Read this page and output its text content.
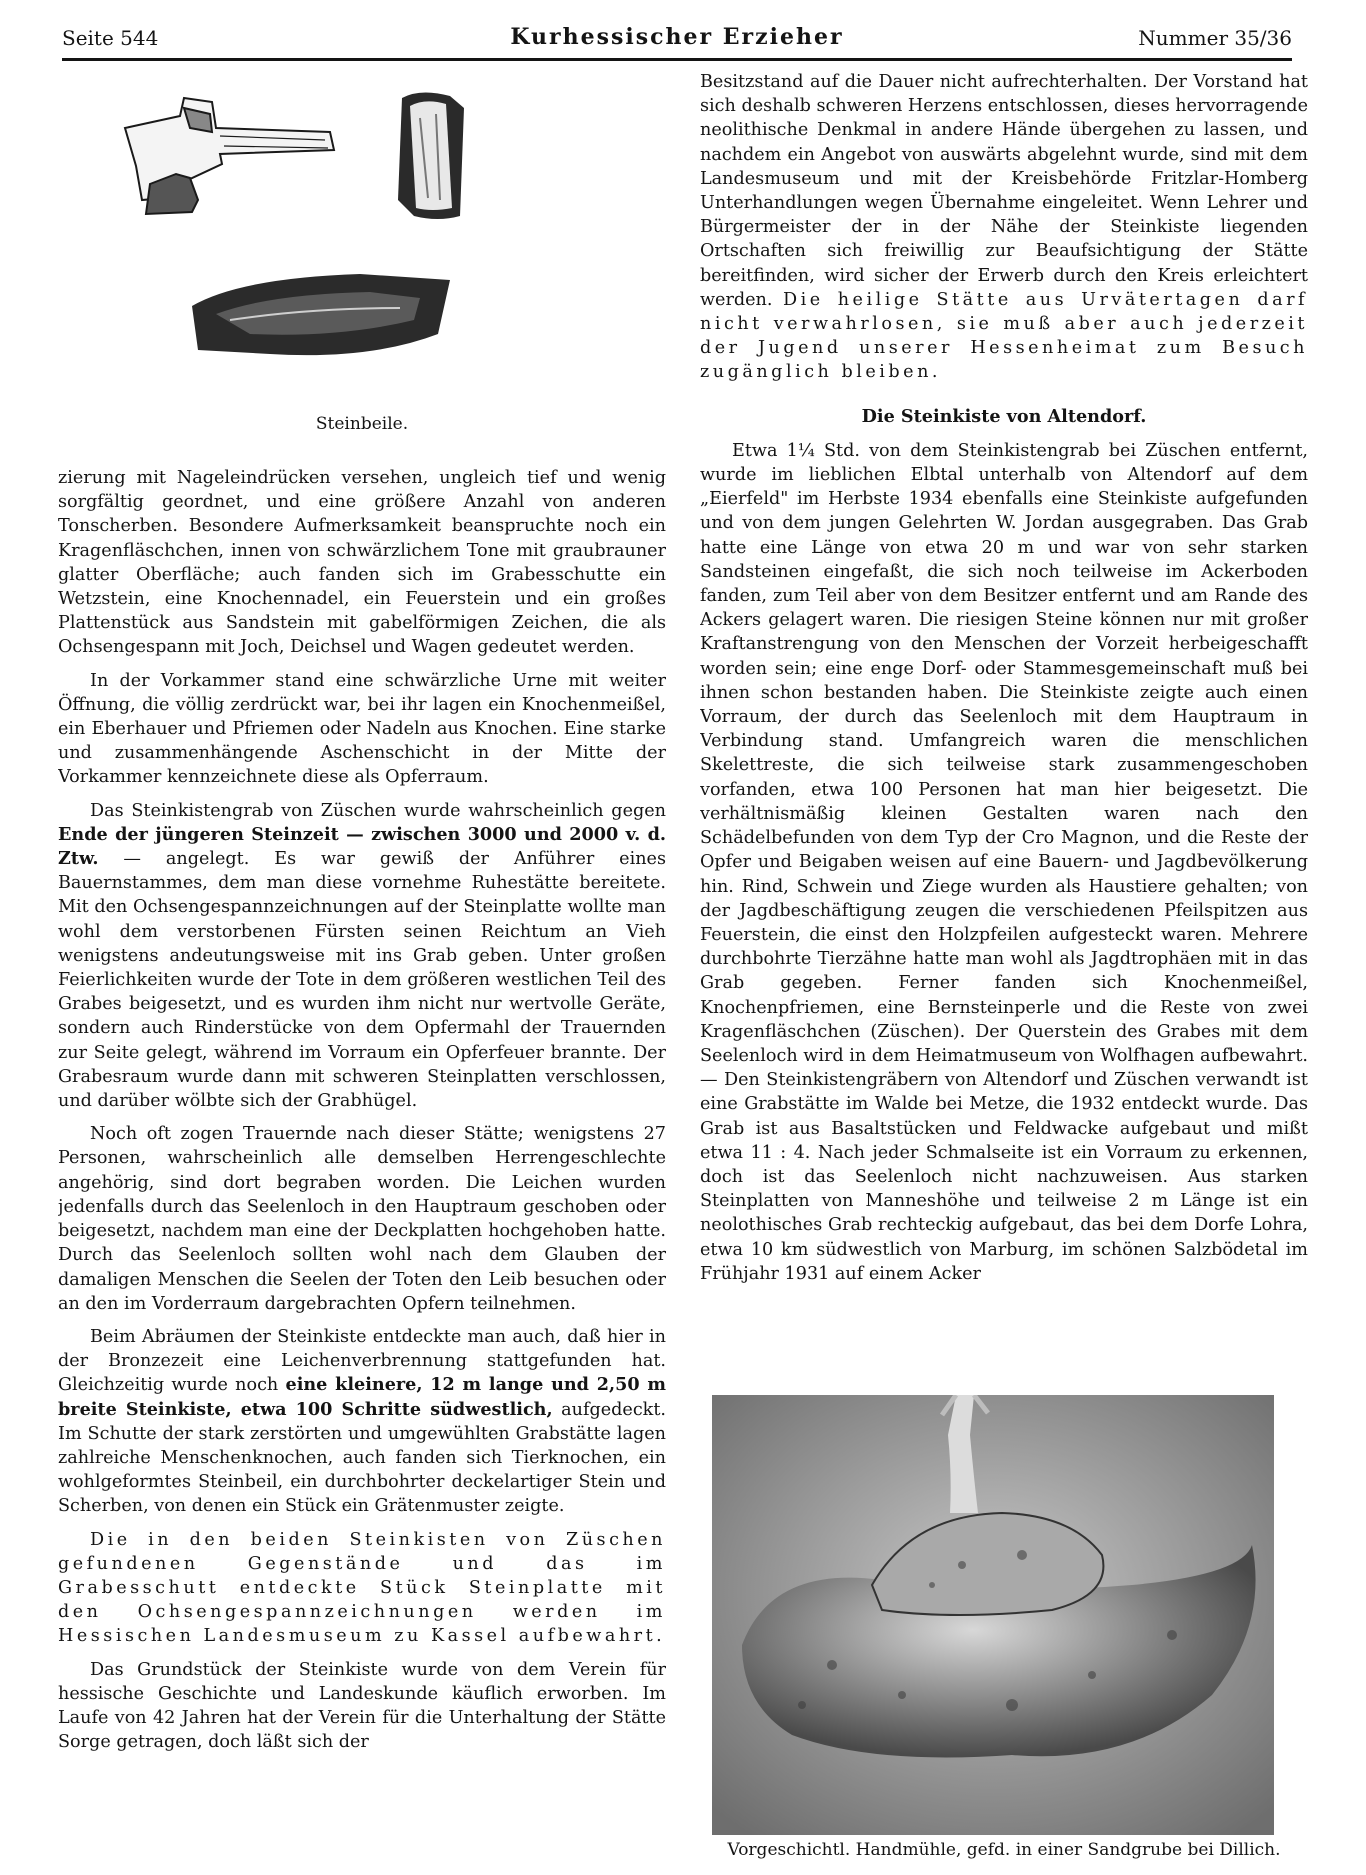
Seite 544	Kurhessischer Erzieher	Nummer 35/36
Steinbeile.

zierung mit Nageleindrücken versehen, ungleich tief und wenig sorgfältig geordnet, und eine größere Anzahl von anderen Tonscherben. Besondere Aufmerksamkeit beanspruchte noch ein Kragenfläschchen, innen von schwärzlichem Tone mit graubrauner glatter Oberfläche; auch fanden sich im Grabesschutte ein Wetzstein, eine Knochennadel, ein Feuerstein und ein großes Plattenstück aus Sandstein mit gabelförmigen Zeichen, die als Ochsengespann mit Joch, Deichsel und Wagen gedeutet werden.

In der Vorkammer stand eine schwärzliche Urne mit weiter Öffnung, die völlig zerdrückt war, bei ihr lagen ein Knochenmeißel, ein Eberhauer und Pfriemen oder Nadeln aus Knochen. Eine starke und zusammenhängende Aschenschicht in der Mitte der Vorkammer kennzeichnete diese als Opferraum.

Das Steinkistengrab von Züschen wurde wahrscheinlich gegen Ende der jüngeren Steinzeit — zwischen 3000 und 2000 v. d. Ztw. — angelegt. Es war gewiß der Anführer eines Bauernstammes, dem man diese vornehme Ruhestätte bereitete. Mit den Ochsengespannzeichnungen auf der Steinplatte wollte man wohl dem verstorbenen Fürsten seinen Reichtum an Vieh wenigstens andeutungsweise mit ins Grab geben. Unter großen Feierlichkeiten wurde der Tote in dem größeren westlichen Teil des Grabes beigesetzt, und es wurden ihm nicht nur wertvolle Geräte, sondern auch Rinderstücke von dem Opfermahl der Trauernden zur Seite gelegt, während im Vorraum ein Opferfeuer brannte. Der Grabesraum wurde dann mit schweren Steinplatten verschlossen, und darüber wölbte sich der Grabhügel.

Noch oft zogen Trauernde nach dieser Stätte; wenigstens 27 Personen, wahrscheinlich alle demselben Herrengeschlechte angehörig, sind dort begraben worden. Die Leichen wurden jedenfalls durch das Seelenloch in den Hauptraum geschoben oder beigesetzt, nachdem man eine der Deckplatten hochgehoben hatte. Durch das Seelenloch sollten wohl nach dem Glauben der damaligen Menschen die Seelen der Toten den Leib besuchen oder an den im Vorderraum dargebrachten Opfern teilnehmen.

Beim Abräumen der Steinkiste entdeckte man auch, daß hier in der Bronzezeit eine Leichenverbrennung stattgefunden hat. Gleichzeitig wurde noch eine kleinere, 12 m lange und 2,50 m breite Steinkiste, etwa 100 Schritte südwestlich, aufgedeckt. Im Schutte der stark zerstörten und umgewühlten Grabstätte lagen zahlreiche Menschenknochen, auch fanden sich Tierknochen, ein wohlgeformtes Steinbeil, ein durchbohrter deckelartiger Stein und Scherben, von denen ein Stück ein Grätenmuster zeigte.

Die in den beiden Steinkisten von Züschen gefundenen Gegenstände und das im Grabesschutt entdeckte Stück Steinplatte mit den Ochsengespannzeichnungen werden im Hessischen Landesmuseum zu Kassel aufbewahrt.

Das Grundstück der Steinkiste wurde von dem Verein für hessische Geschichte und Landeskunde käuflich erworben. Im Laufe von 42 Jahren hat der Verein für die Unterhaltung der Stätte Sorge getragen, doch läßt sich der

Besitzstand auf die Dauer nicht aufrechterhalten. Der Vorstand hat sich deshalb schweren Herzens entschlossen, dieses hervorragende neolithische Denkmal in andere Hände übergehen zu lassen, und nachdem ein Angebot von auswärts abgelehnt wurde, sind mit dem Landesmuseum und mit der Kreisbehörde Fritzlar-Homberg Unterhandlungen wegen Übernahme eingeleitet. Wenn Lehrer und Bürgermeister der in der Nähe der Steinkiste liegenden Ortschaften sich freiwillig zur Beaufsichtigung der Stätte bereitfinden, wird sicher der Erwerb durch den Kreis erleichtert werden. Die heilige Stätte aus Urvätertagen darf nicht verwahrlosen, sie muß aber auch jederzeit der Jugend unserer Hessenheimat zum Besuch zugänglich bleiben.

Die Steinkiste von Altendorf.

Etwa 1¼ Std. von dem Steinkistengrab bei Züschen entfernt, wurde im lieblichen Elbtal unterhalb von Altendorf auf dem „Eierfeld" im Herbste 1934 ebenfalls eine Steinkiste aufgefunden und von dem jungen Gelehrten W. Jordan ausgegraben. Das Grab hatte eine Länge von etwa 20 m und war von sehr starken Sandsteinen eingefaßt, die sich noch teilweise im Ackerboden fanden, zum Teil aber von dem Besitzer entfernt und am Rande des Ackers gelagert waren. Die riesigen Steine können nur mit großer Kraftanstrengung von den Menschen der Vorzeit herbeigeschafft worden sein; eine enge Dorf- oder Stammesgemeinschaft muß bei ihnen schon bestanden haben. Die Steinkiste zeigte auch einen Vorraum, der durch das Seelenloch mit dem Hauptraum in Verbindung stand. Umfangreich waren die menschlichen Skelettreste, die sich teilweise stark zusammengeschoben vorfanden, etwa 100 Personen hat man hier beigesetzt. Die verhältnismäßig kleinen Gestalten waren nach den Schädelbefunden von dem Typ der Cro Magnon, und die Reste der Opfer und Beigaben weisen auf eine Bauern- und Jagdbevölkerung hin. Rind, Schwein und Ziege wurden als Haustiere gehalten; von der Jagdbeschäftigung zeugen die verschiedenen Pfeilspitzen aus Feuerstein, die einst den Holzpfeilen aufgesteckt waren. Mehrere durchbohrte Tierzähne hatte man wohl als Jagdtrophäen mit in das Grab gegeben. Ferner fanden sich Knochenmeißel, Knochenpfriemen, eine Bernsteinperle und die Reste von zwei Kragenfläschchen (Züschen). Der Querstein des Grabes mit dem Seelenloch wird in dem Heimatmuseum von Wolfhagen aufbewahrt. — Den Steinkistengräbern von Altendorf und Züschen verwandt ist eine Grabstätte im Walde bei Metze, die 1932 entdeckt wurde. Das Grab ist aus Basaltstücken und Feldwacke aufgebaut und mißt etwa 11 : 4. Nach jeder Schmalseite ist ein Vorraum zu erkennen, doch ist das Seelenloch nicht nachzuweisen. Aus starken Steinplatten von Manneshöhe und teilweise 2 m Länge ist ein neolothisches Grab rechteckig aufgebaut, das bei dem Dorfe Lohra, etwa 10 km südwestlich von Marburg, im schönen Salzbödetal im Frühjahr 1931 auf einem Acker

Vorgeschichtl. Handmühle, gefd. in einer Sandgrube bei Dillich.
